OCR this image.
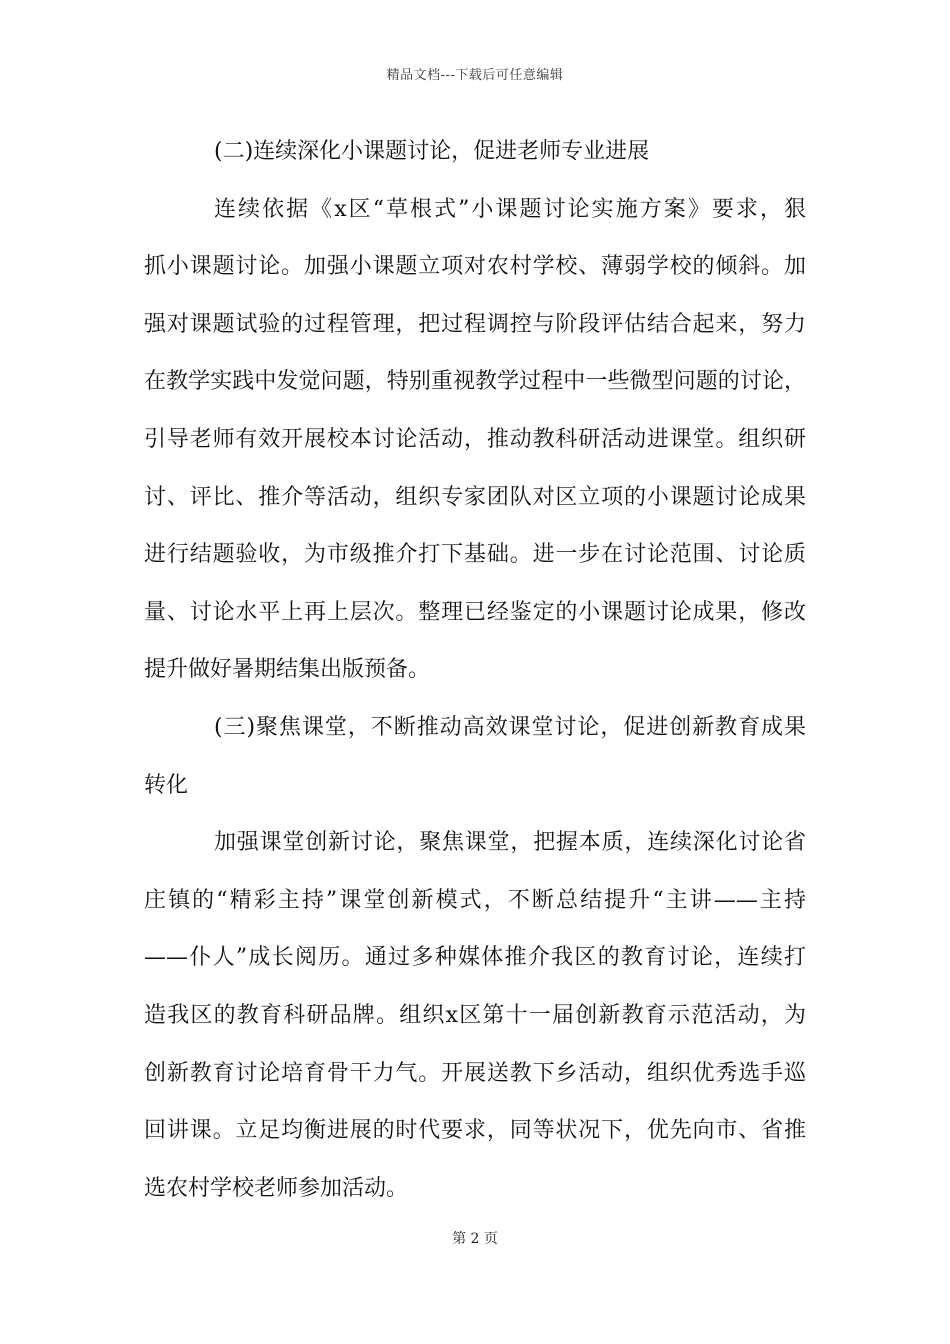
精品文档---下载后可任意编辑
(二)连续深化小课题讨论，促进老师专业进展
连续依据《x区“草根式”小课题讨论实施方案》要求，狠
抓小课题讨论。加强小课题立项对农村学校、薄弱学校的倾斜。加
强对课题试验的过程管理，把过程调控与阶段评估结合起来，努力
在教学实践中发觉问题，特别重视教学过程中一些微型问题的讨论，
引导老师有效开展校本讨论活动，推动教科研活动进课堂。组织研
讨、评比、推介等活动，组织专家团队对区立项的小课题讨论成果
进行结题验收，为市级推介打下基础。进一步在讨论范围、讨论质
量、讨论水平上再上层次。整理已经鉴定的小课题讨论成果，修改
提升做好暑期结集出版预备。
(三)聚焦课堂，不断推动高效课堂讨论，促进创新教育成果
转化
加强课堂创新讨论，聚焦课堂，把握本质，连续深化讨论省
庄镇的“精彩主持”课堂创新模式，不断总结提升“主讲——主持
——仆人”成长阅历。通过多种媒体推介我区的教育讨论，连续打
造我区的教育科研品牌。组织x区第十一届创新教育示范活动，为
创新教育讨论培育骨干力气。开展送教下乡活动，组织优秀选手巡
回讲课。立足均衡进展的时代要求，同等状况下，优先向市、省推
选农村学校老师参加活动。
第 2 页
